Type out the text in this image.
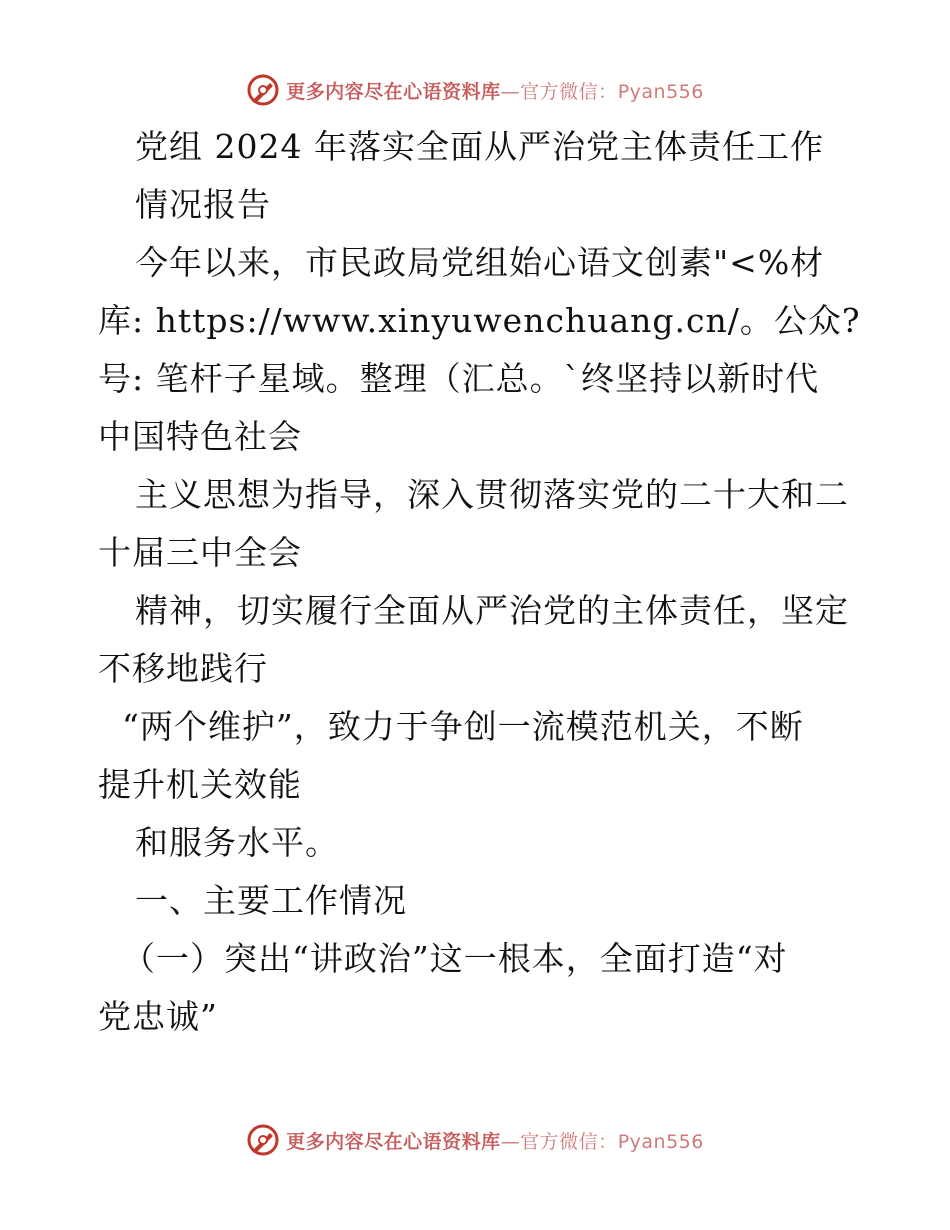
更多内容尽在心语资料库—官方微信：Pyan556
党组 2024 年落实全面从严治党主体责任工作
情况报告
今年以来，市民政局党组始心语文创素"<%材
库: https://www.xinyuwenchuang.cn/。公众?
号: 笔杆子星域。整理（汇总。`终坚持以新时代
中国特色社会
主义思想为指导，深入贯彻落实党的二十大和二
十届三中全会
精神，切实履行全面从严治党的主体责任，坚定
不移地践行
“两个维护”，致力于争创一流模范机关，不断
提升机关效能
和服务水平。
一、主要工作情况
（一）突出“讲政治”这一根本，全面打造“对
党忠诚”
更多内容尽在心语资料库—官方微信：Pyan556
